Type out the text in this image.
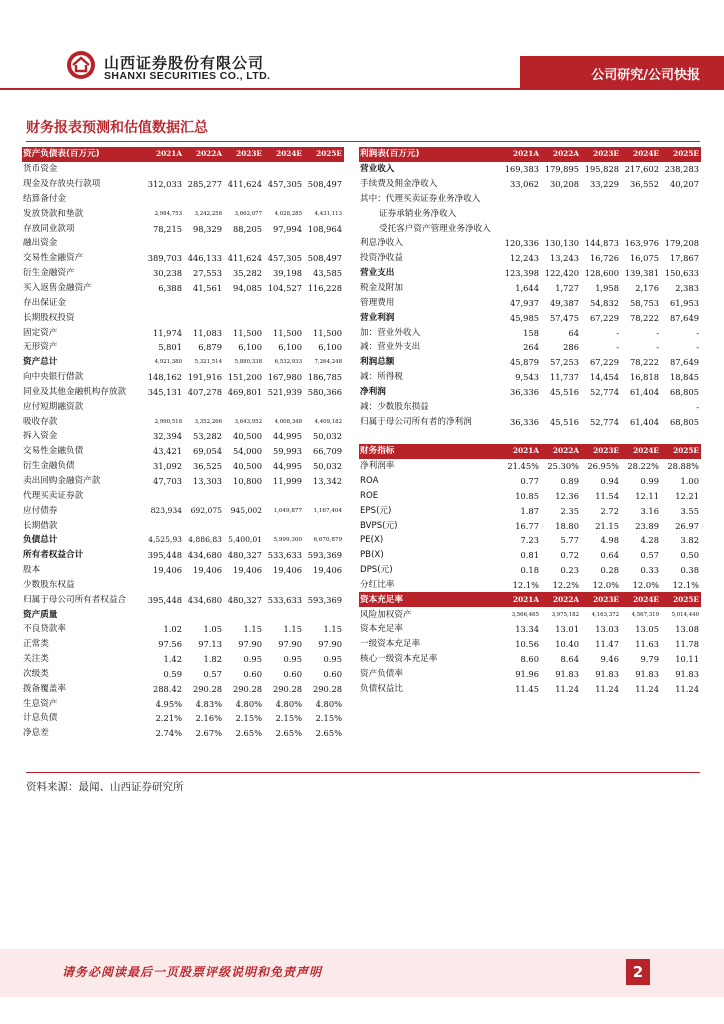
山西证券股份有限公司
SHANXI SECURITIES CO., LTD.	公司研究/公司快报
财务报表预测和估值数据汇总
资产负债表(百万元)	2021A	2022A	2023E	2024E	2025E
货币资金					
现金及存放央行款项	312,033	285,277	411,624	457,305	508,497
结算备付金					
发放贷款和垫款	2,984,753	3,242,258	3,662,077	4,028,285	4,431,113
存放同业款项	78,215	98,329	88,205	97,994	108,964
融出资金					
交易性金融资产	389,703	446,133	411,624	457,305	508,497
衍生金融资产	30,238	27,553	35,282	39,198	43,585
买入返售金融资产	6,388	41,561	94,085	104,527	116,228
存出保证金					
长期股权投资					
固定资产	11,974	11,083	11,500	11,500	11,500
无形资产	5,801	6,879	6,100	6,100	6,100
资产总计	4,921,380	5,321,514	5,880,338	6,532,933	7,264,248
向中央银行借款	148,162	191,916	151,200	167,980	186,785
同业及其他金融机构存放款	345,131	407,278	469,801	521,939	580,366
应付短期融资款					
吸收存款	2,990,518	3,352,266	3,643,952	4,008,348	4,409,182
拆入资金	32,394	53,282	40,500	44,995	50,032
交易性金融负债	43,421	69,054	54,000	59,993	66,709
衍生金融负债	31,092	36,525	40,500	44,995	50,032
卖出回购金融资产款	47,703	13,303	10,800	11,999	13,342
代理买卖证券款					
应付债券	823,934	692,075	945,002	1,049,877	1,167,404
长期借款					
负债总计	4,525,93	4,886,83	5,400,01	5,999,300	6,670,879
所有者权益合计	395,448	434,680	480,327	533,633	593,369
股本	19,406	19,406	19,406	19,406	19,406
少数股东权益					
归属于母公司所有者权益合	395,448	434,680	480,327	533,633	593,369
资产质量					
不良贷款率	1.02	1.05	1.15	1.15	1.15
正常类	97.56	97.13	97.90	97.90	97.90
关注类	1.42	1.82	0.95	0.95	0.95
次级类	0.59	0.57	0.60	0.60	0.60
拨备覆盖率	288.42	290.28	290.28	290.28	290.28
生息资产	4.95%	4.83%	4.80%	4.80%	4.80%
计息负债	2.21%	2.16%	2.15%	2.15%	2.15%
净息差	2.74%	2.67%	2.65%	2.65%	2.65%
利润表(百万元)	2021A	2022A	2023E	2024E	2025E
营业收入	169,383	179,895	195,828	217,602	238,283
手续费及佣金净收入	33,062	30,208	33,229	36,552	40,207
其中：代理买卖证券业务净收入					
证券承销业务净收入					
受托客户资产管理业务净收入					
利息净收入	120,336	130,130	144,873	163,976	179,208
投资净收益	12,243	13,243	16,726	16,075	17,867
营业支出	123,398	122,420	128,600	139,381	150,633
税金及附加	1,644	1,727	1,958	2,176	2,383
管理费用	47,937	49,387	54,832	58,753	61,953
营业利润	45,985	57,475	67,229	78,222	87,649
加：营业外收入	158	64	-	-	-
减：营业外支出	264	286	-	-	-
利润总额	45,879	57,253	67,229	78,222	87,649
减：所得税	9,543	11,737	14,454	16,818	18,845
净利润	36,336	45,516	52,774	61,404	68,805
减：少数股东损益					-
归属于母公司所有者的净利润	36,336	45,516	52,774	61,404	68,805

财务指标	2021A	2022A	2023E	2024E	2025E
净利润率	21.45%	25.30%	26.95%	28.22%	28.88%
ROA	0.77	0.89	0.94	0.99	1.00
ROE	10.85	12.36	11.54	12.11	12.21
EPS(元)	1.87	2.35	2.72	3.16	3.55
BVPS(元)	16.77	18.80	21.15	23.89	26.97
PE(X)	7.23	5.77	4.98	4.28	3.82
PB(X)	0.81	0.72	0.64	0.57	0.50
DPS(元)	0.18	0.23	0.28	0.33	0.38
分红比率	12.1%	12.2%	12.0%	12.0%	12.1%
资本充足率	2021A	2022A	2023E	2024E	2025E
风险加权资产	3,566,465	3,975,182	4,163,372	4,567,319	5,014,440
资本充足率	13.34	13.01	13.03	13.05	13.08
一级资本充足率	10.56	10.40	11.47	11.63	11.78
核心一级资本充足率	8.60	8.64	9.46	9.79	10.11
资产负债率	91.96	91.83	91.83	91.83	91.83
负债权益比	11.45	11.24	11.24	11.24	11.24
资料来源：最闻、山西证券研究所
请务必阅读最后一页股票评级说明和免责声明	2
